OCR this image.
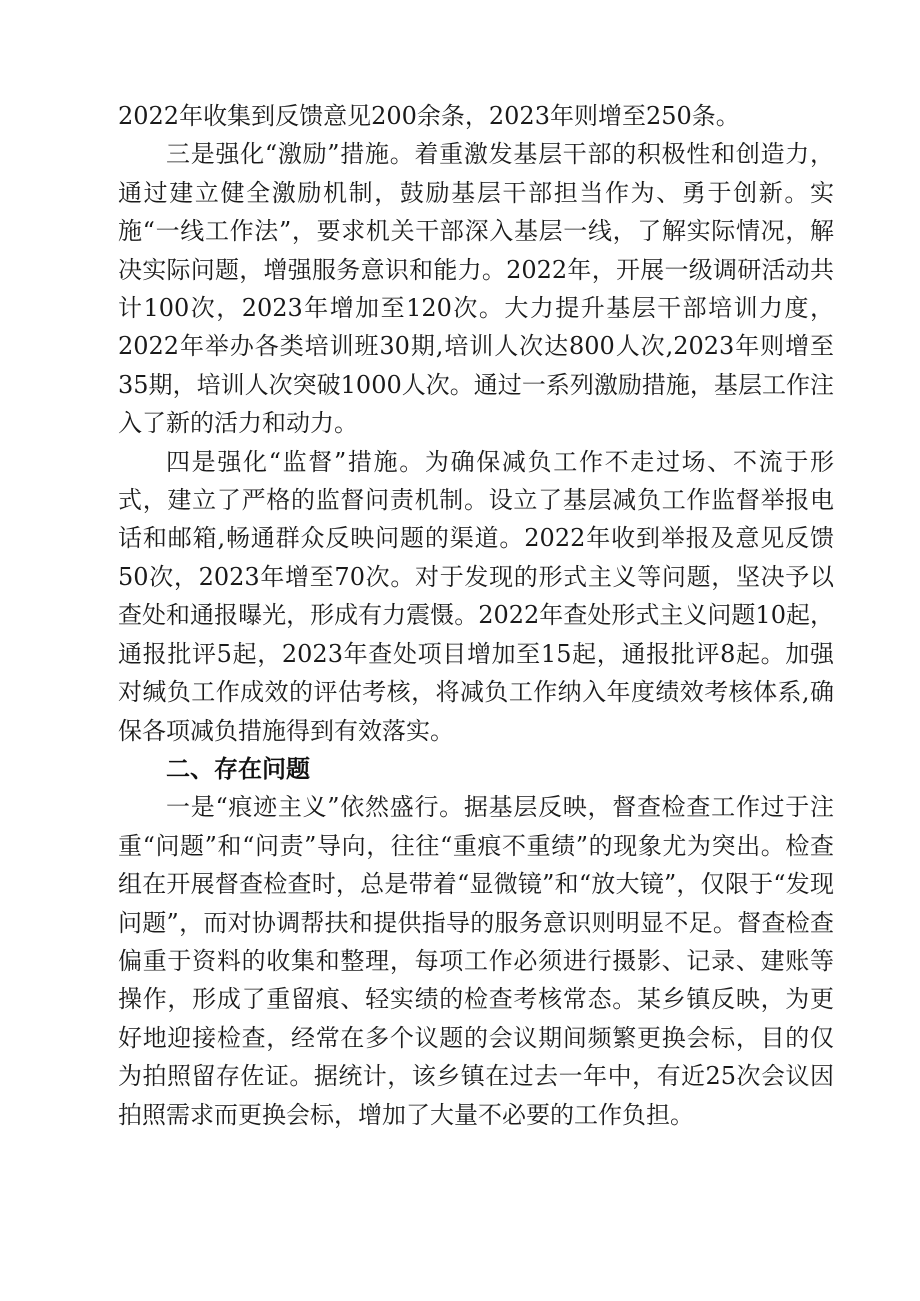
2022年收集到反馈意见200余条，2023年则增至250条。

三是强化“激励”措施。着重激发基层干部的积极性和创造力，通过建立健全激励机制，鼓励基层干部担当作为、勇于创新。实施“一线工作法”，要求机关干部深入基层一线，了解实际情况，解决实际问题，增强服务意识和能力。2022年，开展一级调研活动共计100次，2023年增加至120次。大力提升基层干部培训力度，2022年举办各类培训班30期,培训人次达800人次,2023年则增至35期，培训人次突破1000人次。通过一系列激励措施，基层工作注入了新的活力和动力。

四是强化“监督”措施。为确保减负工作不走过场、不流于形式，建立了严格的监督问责机制。设立了基层减负工作监督举报电话和邮箱,畅通群众反映问题的渠道。2022年收到举报及意见反馈50次，2023年增至70次。对于发现的形式主义等问题，坚决予以查处和通报曝光，形成有力震慑。2022年查处形式主义问题10起，通报批评5起，2023年查处项目增加至15起，通报批评8起。加强对缄负工作成效的评估考核，将减负工作纳入年度绩效考核体系,确保各项减负措施得到有效落实。

二、存在问题

一是“痕迹主义”依然盛行。据基层反映，督查检查工作过于注重“问题”和“问责”导向，往往“重痕不重绩”的现象尤为突出。检查组在开展督查检查时，总是带着“显微镜”和“放大镜”，仅限于“发现问题”，而对协调帮扶和提供指导的服务意识则明显不足。督查检查偏重于资料的收集和整理，每项工作必须进行摄影、记录、建账等操作，形成了重留痕、轻实绩的检查考核常态。某乡镇反映，为更好地迎接检查，经常在多个议题的会议期间频繁更换会标，目的仅为拍照留存佐证。据统计，该乡镇在过去一年中，有近25次会议因拍照需求而更换会标，增加了大量不必要的工作负担。
